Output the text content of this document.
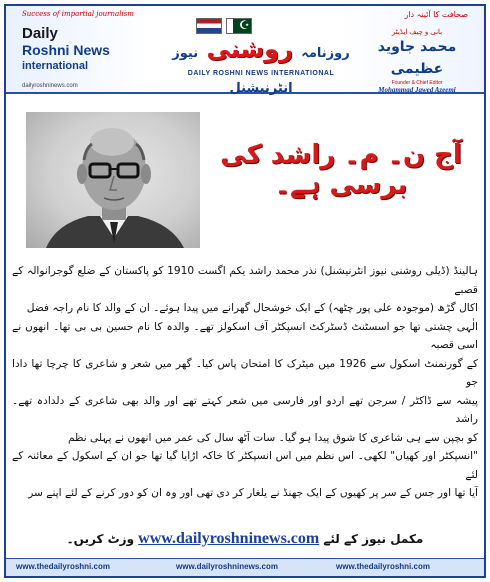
Success of impartial journalism	صحافت کا آئینہ دار
Daily
Roshni News
international
dailyroshninews.com
☪
روزنامہ روشنی نیوز انٹرنیشنل
DAILY ROSHNI NEWS INTERNATIONAL
بانی و چیف ایڈیٹر
محمد جاوید عظیمی
Founder & Chief Editor
Mohammad Jawed Azeemi
آج ن۔ م۔ راشد کی برسی ہے۔

ہالینڈ (ڈیلی روشنی نیوز انٹرنیشنل) نذر محمد راشد یکم اگست 1910 کو پاکستان کے ضلع گوجرانوالہ کے قصبے

اکال گڑھ (موجودہ علی پور چٹھہ) کے ایک خوشحال گھرانے میں پیدا ہوئے۔ ان کے والد کا نام راجہ فضل

الٰہی چشتی تھا جو اسسٹنٹ ڈسٹرکٹ انسپکٹر آف اسکولز تھے۔ والدہ کا نام حسین بی بی تھا۔ انھوں نے اسی قصبہ

کے گورنمنٹ اسکول سے 1926 میں میٹرک کا امتحان پاس کیا۔ گھر میں شعر و شاعری کا چرچا تھا دادا جو

پیشہ سے ڈاکٹر / سرجن تھے اردو اور فارسی میں شعر کہتے تھے اور والد بھی شاعری کے دلدادہ تھے۔ راشد

کو بچپن سے ہی شاعری کا شوق پیدا ہو گیا۔ سات آٹھ سال کی عمر میں انھوں نے پہلی نظم

"انسپکٹر اور کھیاں" لکھی۔ اس نظم میں اس انسپکٹر کا خاکہ اڑایا گیا تھا جو ان کے اسکول کے معائنہ کے لئے

آیا تھا اور جس کے سر پر کھیوں کے ایک جھنڈ نے یلغار کر دی تھی اور وہ ان کو دور کرنے کے لئے اپنے سر

مکمل نیوز کے لئے www.dailyroshninews.com وزٹ کریں۔
www.thedailyroshni.com	www.dailyroshninews.com	www.thedailyroshni.com
